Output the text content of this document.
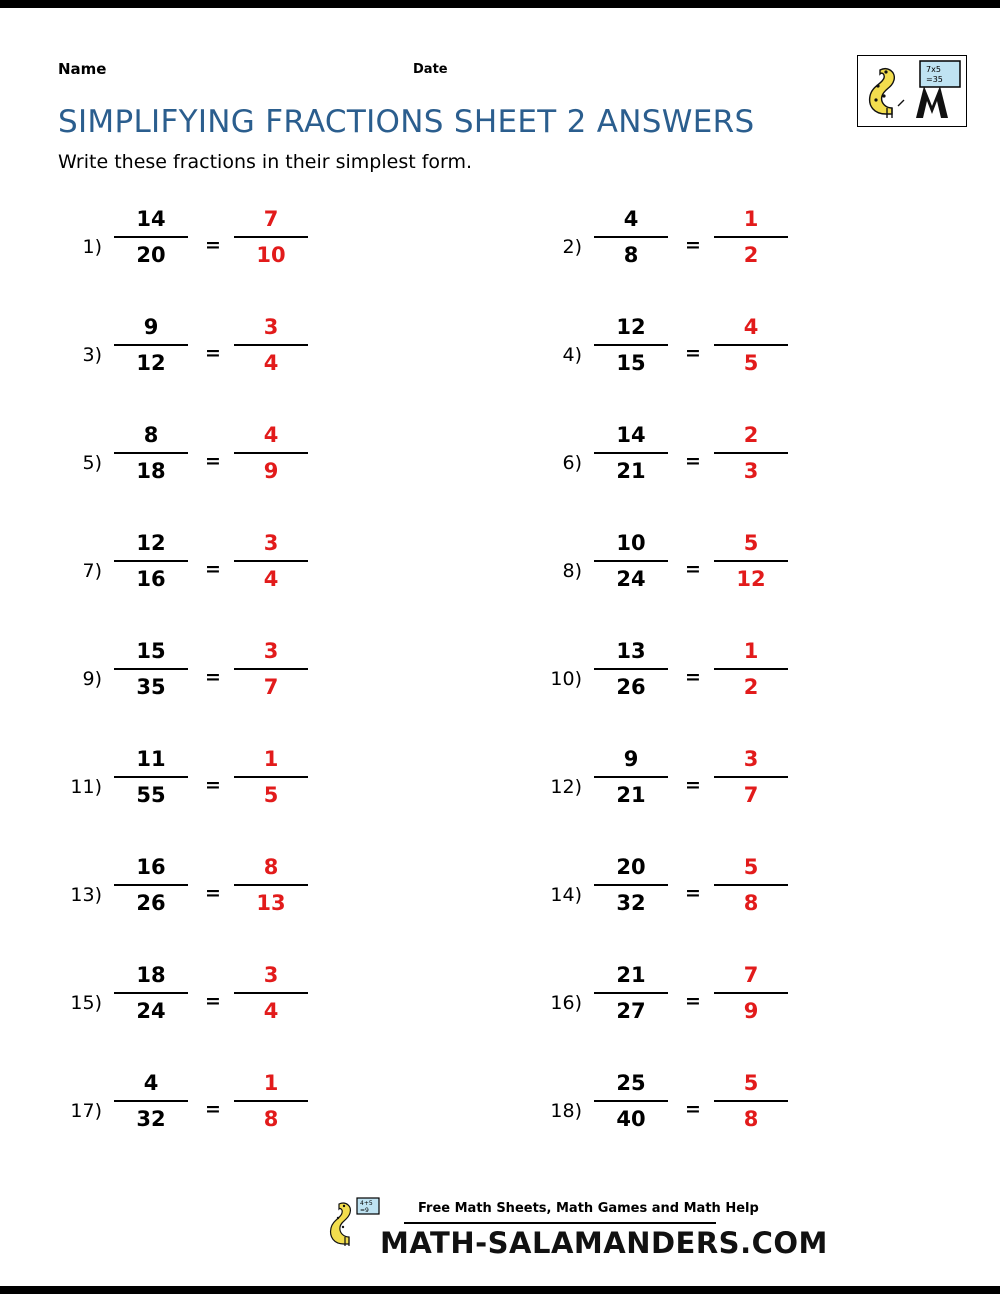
Name	Date
SIMPLIFYING FRACTIONS SHEET 2 ANSWERS
Write these fractions in their simplest form.
7x5
=35
1)
14
20	=
7
10	2)
4
8	=
1
2
3)
9
12	=
3
4	4)
12
15	=
4
5
5)
8
18	=
4
9	6)
14
21	=
2
3
7)
12
16	=
3
4	8)
10
24	=
5
12
9)
15
35	=
3
7	10)
13
26	=
1
2
11)
11
55	=
1
5	12)
9
21	=
3
7
13)
16
26	=
8
13	14)
20
32	=
5
8
15)
18
24	=
3
4	16)
21
27	=
7
9
17)
4
32	=
1
8	18)
25
40	=
5
8
4+5
=9	Free Math Sheets, Math Games and Math Help
MATH-SALAMANDERS.COM
